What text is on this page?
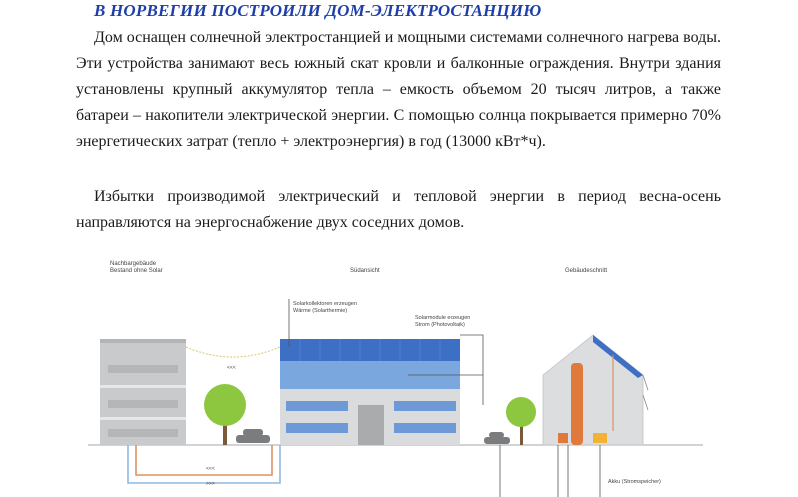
В НОРВЕГИИ ПОСТРОИЛИ ДОМ-ЭЛЕКТРОСТАНЦИЮ

Дом оснащен солнечной электростанцией и мощными системами солнечного нагрева воды. Эти устройства занимают весь южный скат кровли и балконные ограждения. Внутри здания установлены крупный аккумулятор тепла – емкость объемом 20 тысяч литров, а также батареи – накопители электрической энергии. С помощью солнца покрывается примерно 70% энергетических затрат (тепло + электроэнергия) в год (13000 кВт*ч).

Избытки производимой электрический и тепловой энергии в период весна-осень направляются на энергоснабжение двух соседних домов.

Nachbargebäude
Bestand ohne Solar
<<<
Südansicht
Solarkollektoren erzeugen
Wärme (Solarthermie)
Solarmodule erzeugen
Strom (Photovoltaik)
<<<
>>>
Gebäudeschnitt
Akku (Stromspeicher)
